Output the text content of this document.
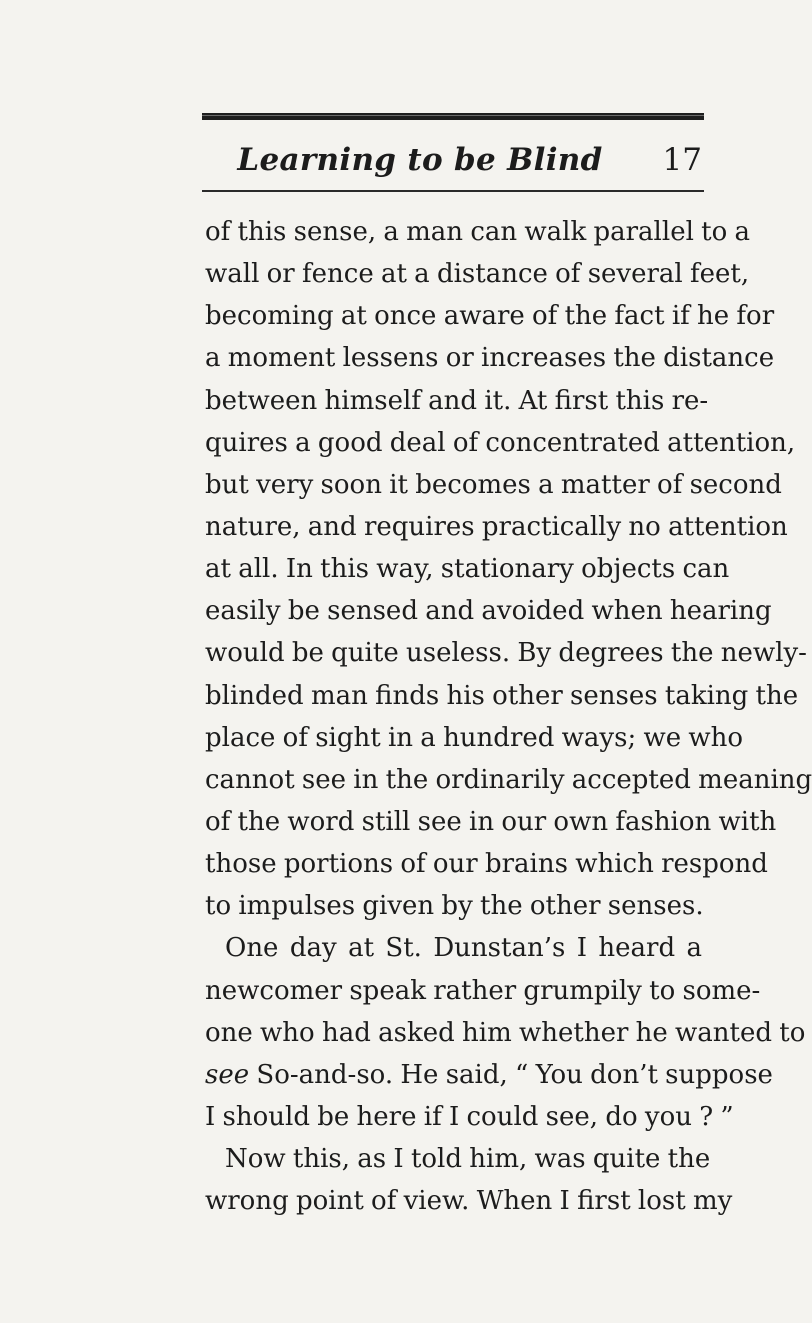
Learning to be Blind	17
of this sense, a man can walk parallel to a
wall or fence at a distance of several feet,
becoming at once aware of the fact if he for
a moment lessens or increases the distance
between himself and it. At first this re-
quires a good deal of concentrated attention,
but very soon it becomes a matter of second
nature, and requires practically no attention
at all. In this way, stationary objects can
easily be sensed and avoided when hearing
would be quite useless. By degrees the newly-
blinded man finds his other senses taking the
place of sight in a hundred ways; we who
cannot see in the ordinarily accepted meaning
of the word still see in our own fashion with
those portions of our brains which respond
to impulses given by the other senses.
One day at St. Dunstan’s I heard a
newcomer speak rather grumpily to some-
one who had asked him whether he wanted to
see So-and-so. He said, “ You don’t suppose
I should be here if I could see, do you ? ”
Now this, as I told him, was quite the
wrong point of view. When I first lost my
